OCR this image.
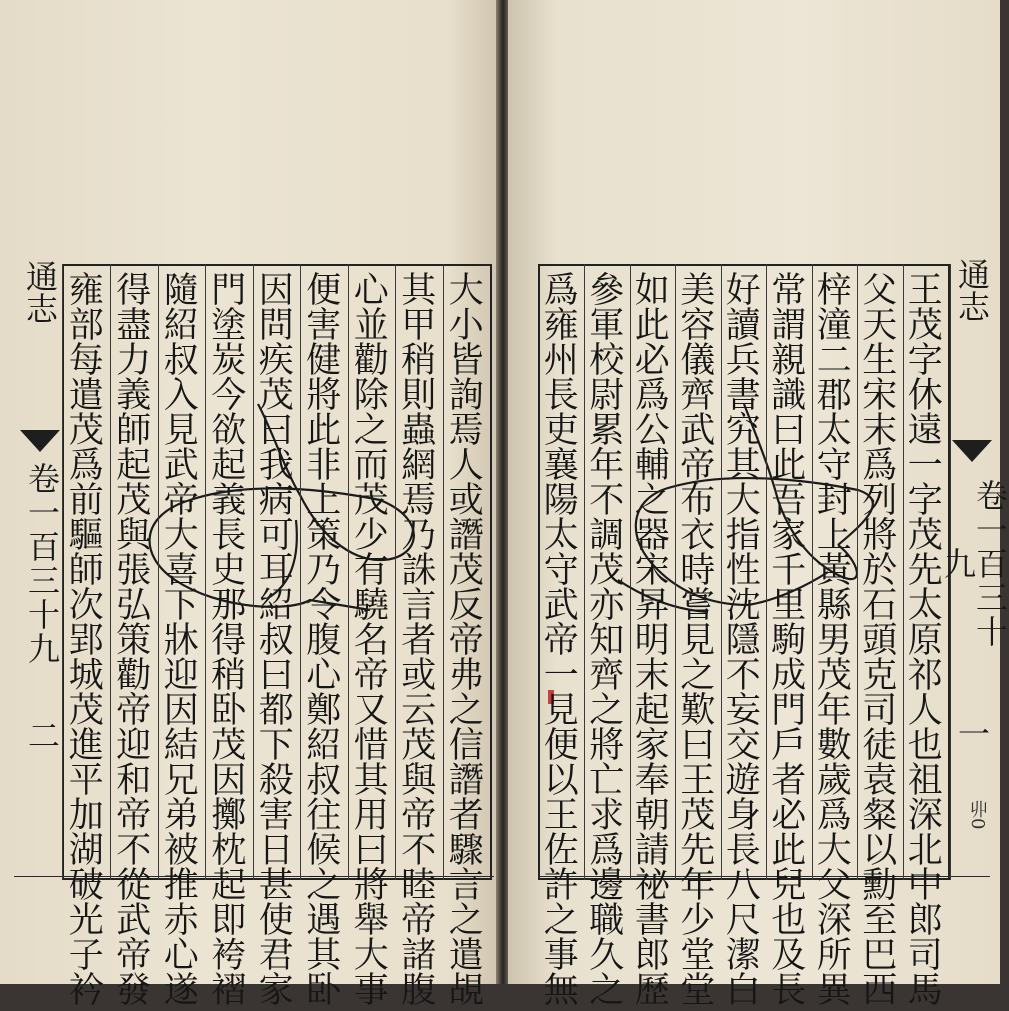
通志
卷一百三十九
二
大
小
皆
詢
焉
人
或
譖
茂
反
帝
弗
之
信
譖
者
驟
言
之
遣
覘
其
甲
稍
則
蟲
網
焉
乃
誅
言
者
或
云
茂
與
帝
不
睦
帝
諸
腹
心
並
勸
除
之
而
茂
少
有
驍
名
帝
又
惜
其
用
曰
將
舉
大
事
便
害
健
將
此
非
上
策
乃
令
腹
心
鄭
紹
叔
往
候
之
遇
其
卧
因
問
疾
茂
曰
我
病
可
耳
紹
叔
曰
都
下
殺
害
日
甚
使
君
家
門
塗
炭
今
欲
起
義
長
史
那
得
稍
卧
茂
因
擲
枕
起
即
袴
褶
隨
紹
叔
入
見
武
帝
大
喜
下
牀
迎
因
結
兄
弟
被
推
赤
心
遂
得
盡
力
義
師
起
茂
與
張
弘
策
勸
帝
迎
和
帝
不
從
武
帝
發
雍
部
每
遣
茂
爲
前
驅
師
次
郢
城
茂
進
平
加
湖
破
光
子
衿
通志
卷一百三十九
一
丱0
王
茂
字
休
遠
一
字
茂
先
太
原
祁
人
也
祖
深
北
中
郎
司
馬
父
天
生
宋
末
爲
列
將
於
石
頭
克
司
徒
袁
粲
以
勳
至
巴
西
梓
潼
二
郡
太
守
封
上
黃
縣
男
茂
年
數
歲
爲
大
父
深
所
異
常
謂
親
識
曰
此
吾
家
千
里
駒
成
門
戶
者
必
此
兒
也
及
長
好
讀
兵
書
究
其
大
指
性
沈
隱
不
妄
交
遊
身
長
八
尺
潔
白
美
容
儀
齊
武
帝
布
衣
時
嘗
見
之
歎
曰
王
茂
先
年
少
堂
堂
如
此
必
爲
公
輔
之
器
宋
昇
明
末
起
家
奉
朝
請
祕
書
郎
歷
參
軍
校
尉
累
年
不
調
茂
亦
知
齊
之
將
亡
求
爲
邊
職
久
之
爲
雍
州
長
吏
襄
陽
太
守
武
帝
一
見
便
以
王
佐
許
之
事
無
